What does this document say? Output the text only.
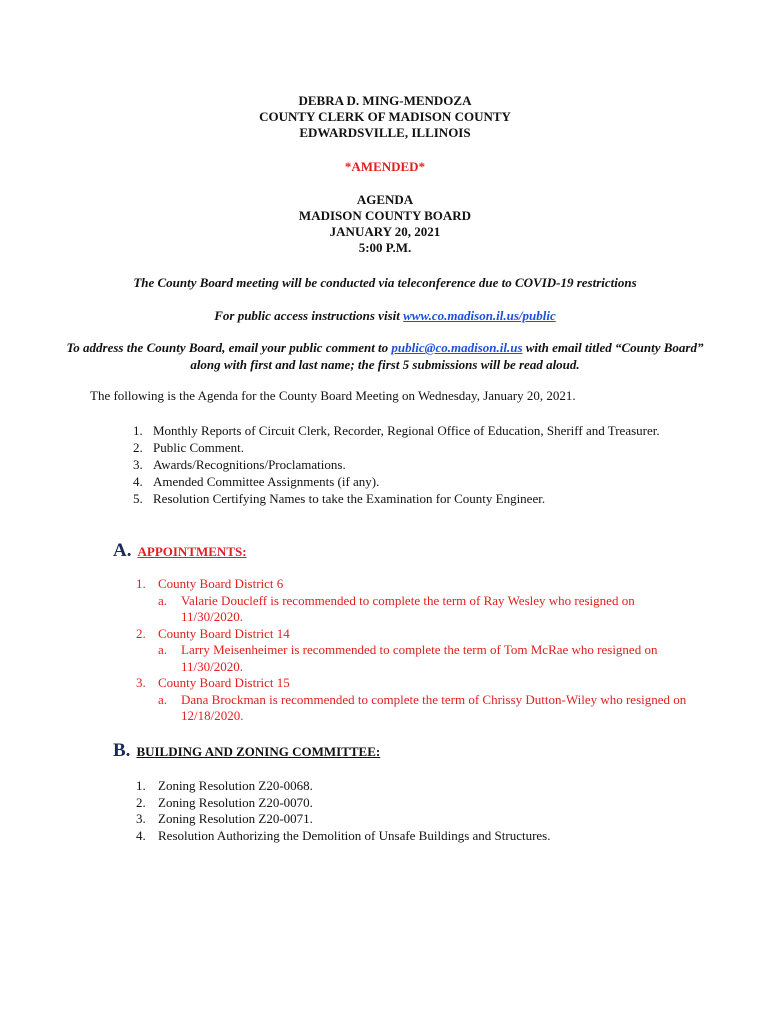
DEBRA D. MING-MENDOZA
COUNTY CLERK OF MADISON COUNTY
EDWARDSVILLE, ILLINOIS
*AMENDED*
AGENDA
MADISON COUNTY BOARD
JANUARY 20, 2021
5:00 P.M.
The County Board meeting will be conducted via teleconference due to COVID-19 restrictions
For public access instructions visit www.co.madison.il.us/public
To address the County Board, email your public comment to public@co.madison.il.us with email titled “County Board” along with first and last name; the first 5 submissions will be read aloud.
The following is the Agenda for the County Board Meeting on Wednesday, January 20, 2021.
1. Monthly Reports of Circuit Clerk, Recorder, Regional Office of Education, Sheriff and Treasurer.
2. Public Comment.
3. Awards/Recognitions/Proclamations.
4. Amended Committee Assignments (if any).
5. Resolution Certifying Names to take the Examination for County Engineer.
A. APPOINTMENTS:
1. County Board District 6
a. Valarie Doucleff is recommended to complete the term of Ray Wesley who resigned on 11/30/2020.
2. County Board District 14
a. Larry Meisenheimer is recommended to complete the term of Tom McRae who resigned on 11/30/2020.
3. County Board District 15
a. Dana Brockman is recommended to complete the term of Chrissy Dutton-Wiley who resigned on 12/18/2020.
B. BUILDING AND ZONING COMMITTEE:
1. Zoning Resolution Z20-0068.
2. Zoning Resolution Z20-0070.
3. Zoning Resolution Z20-0071.
4. Resolution Authorizing the Demolition of Unsafe Buildings and Structures.
